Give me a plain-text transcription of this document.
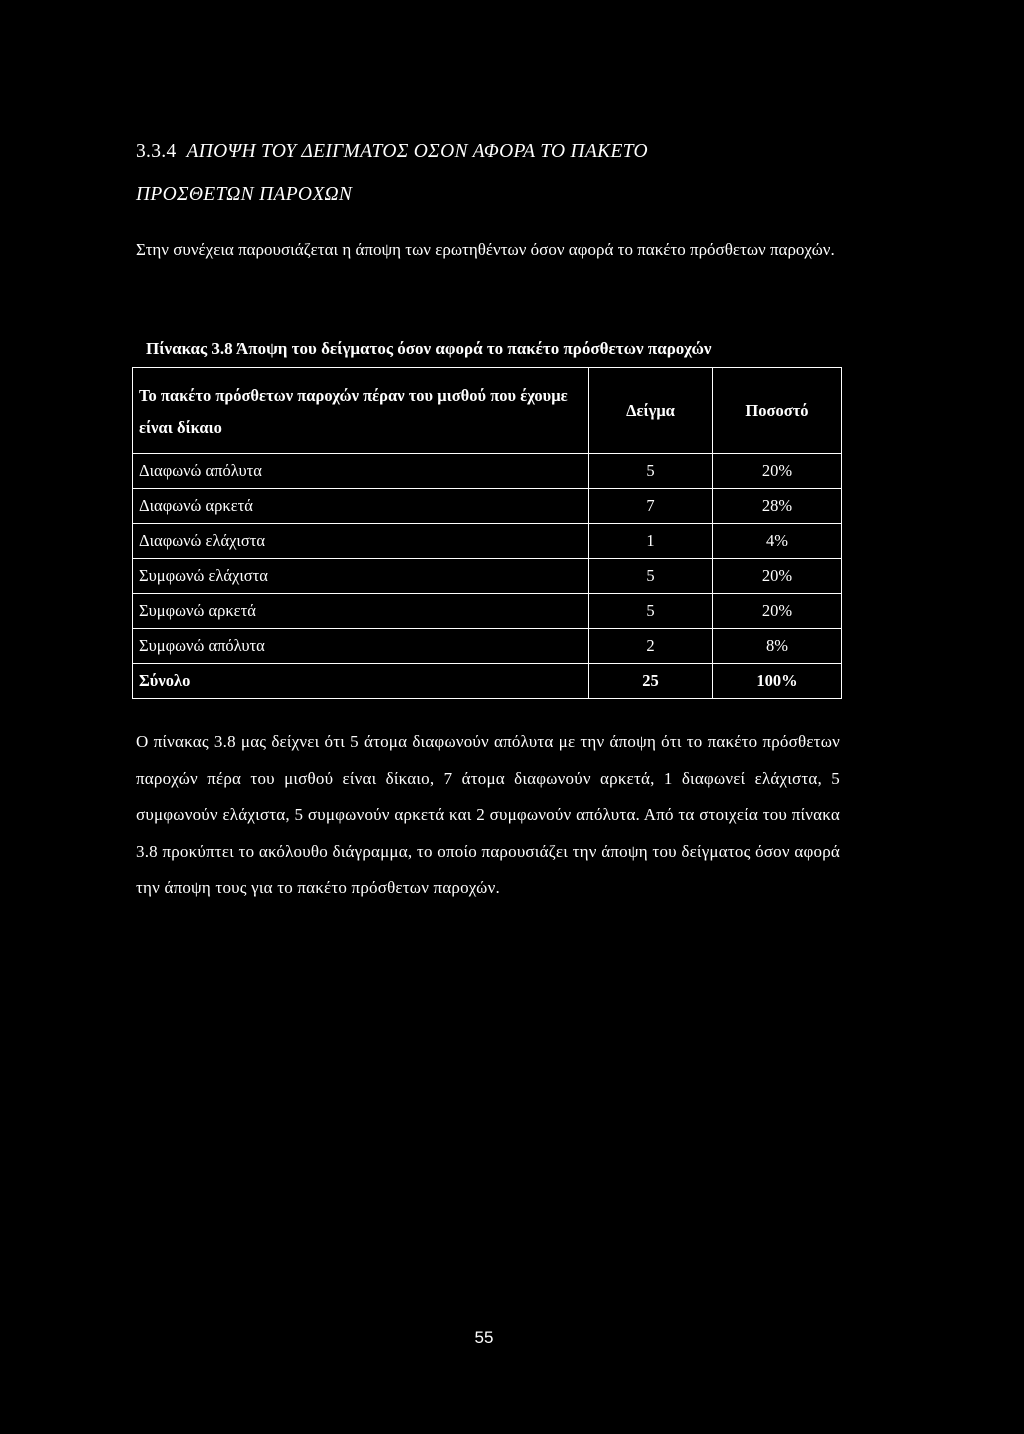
3.3.4 ΑΠΟΨΗ ΤΟΥ ΔΕΙΓΜΑΤΟΣ ΟΣΟΝ ΑΦΟΡΑ ΤΟ ΠΑΚΕΤΟ
ΠΡΟΣΘΕΤΩΝ ΠΑΡΟΧΩΝ
Στην συνέχεια παρουσιάζεται η άποψη των ερωτηθέντων όσον αφορά το πακέτο πρόσθετων παροχών.
Πίνακας 3.8 Άποψη του δείγματος όσον αφορά το πακέτο πρόσθετων παροχών
Το πακέτο πρόσθετων παροχών πέραν του μισθού που έχουμε είναι δίκαιο	Δείγμα	Ποσοστό
Διαφωνώ απόλυτα	5	20%
Διαφωνώ αρκετά	7	28%
Διαφωνώ ελάχιστα	1	4%
Συμφωνώ ελάχιστα	5	20%
Συμφωνώ αρκετά	5	20%
Συμφωνώ απόλυτα	2	8%
Σύνολο	25	100%
Ο πίνακας 3.8 μας δείχνει ότι 5 άτομα διαφωνούν απόλυτα με την άποψη ότι το πακέτο πρόσθετων παροχών πέρα του μισθού είναι δίκαιο, 7 άτομα διαφωνούν αρκετά, 1 διαφωνεί ελάχιστα, 5 συμφωνούν ελάχιστα, 5 συμφωνούν αρκετά και 2 συμφωνούν απόλυτα. Από τα στοιχεία του πίνακα 3.8 προκύπτει το ακόλουθο διάγραμμα, το οποίο παρουσιάζει την άποψη του δείγματος όσον αφορά την άποψη τους για το πακέτο πρόσθετων παροχών.
55
